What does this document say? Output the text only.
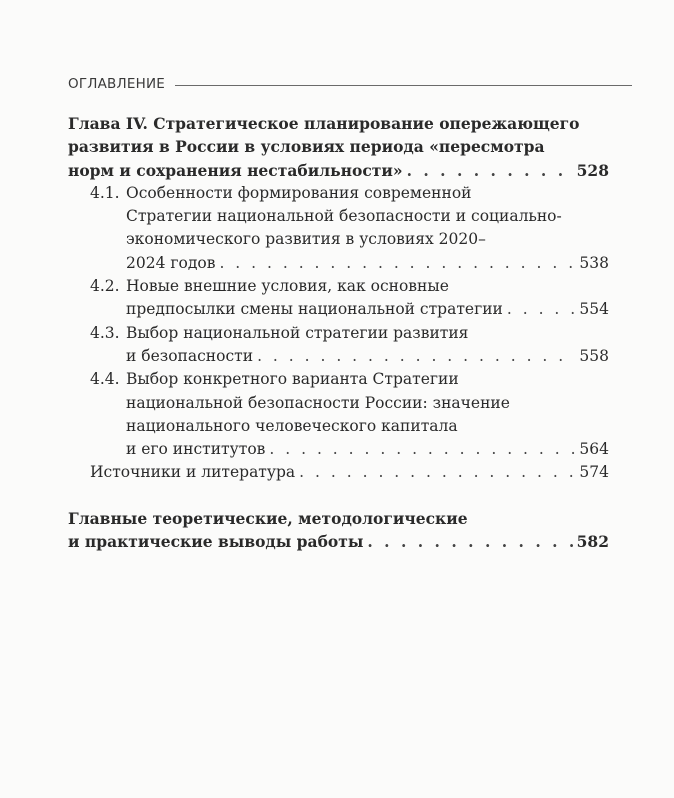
ОГЛАВЛЕНИЕ
Глава IV. Стратегическое планирование опережающего
развития в России в условиях периода «пересмотра
норм и сохранения нестабильности» . . .	528
4.1. Особенности формирования современной
Стратегии национальной безопасности и социально-
экономического развития в условиях 2020–
2024 годов . . .	538
4.2. Новые внешние условия, как основные
предпосылки смены национальной стратегии . . .	554
4.3. Выбор национальной стратегии развития
и безопасности . . .	558
4.4. Выбор конкретного варианта Стратегии
национальной безопасности России: значение
национального человеческого капитала
и его институтов . . .	564
Источники и литература . . .	574
Главные теоретические, методологические
и практические выводы работы . . .	582
